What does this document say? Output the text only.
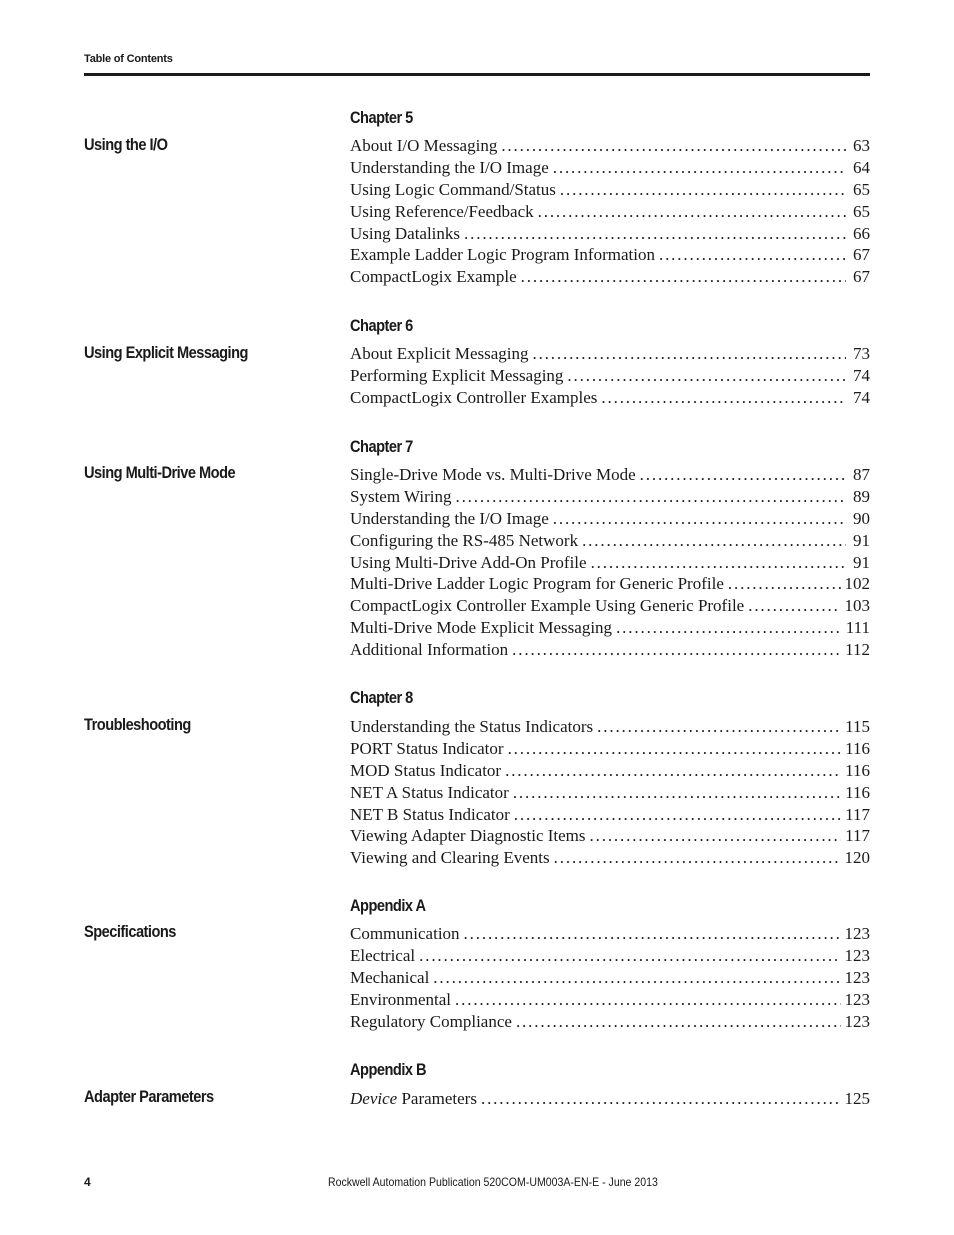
Table of Contents
Chapter 5
Using the I/O	About I/O Messaging . . .	63
Understanding the I/O Image . . .	64
Using Logic Command/Status . . .	65
Using Reference/Feedback . . .	65
Using Datalinks . . .	66
Example Ladder Logic Program Information . . .	67
CompactLogix Example . . .	67
Chapter 6
Using Explicit Messaging	About Explicit Messaging . . .	73
Performing Explicit Messaging . . .	74
CompactLogix Controller Examples . . .	74
Chapter 7
Using Multi-Drive Mode	Single-Drive Mode vs. Multi-Drive Mode . . .	87
System Wiring . . .	89
Understanding the I/O Image . . .	90
Configuring the RS-485 Network . . .	91
Using Multi-Drive Add-On Profile . . .	91
Multi-Drive Ladder Logic Program for Generic Profile . . .	102
CompactLogix Controller Example Using Generic Profile . . .	103
Multi-Drive Mode Explicit Messaging . . .	111
Additional Information . . .	112
Chapter 8
Troubleshooting	Understanding the Status Indicators . . .	115
PORT Status Indicator . . .	116
MOD Status Indicator . . .	116
NET A Status Indicator . . .	116
NET B Status Indicator . . .	117
Viewing Adapter Diagnostic Items . . .	117
Viewing and Clearing Events . . .	120
Appendix A
Specifications	Communication . . .	123
Electrical . . .	123
Mechanical . . .	123
Environmental . . .	123
Regulatory Compliance . . .	123
Appendix B
Adapter Parameters	Device Parameters . . .	125
4	Rockwell Automation Publication 520COM-UM003A-EN-E - June 2013
